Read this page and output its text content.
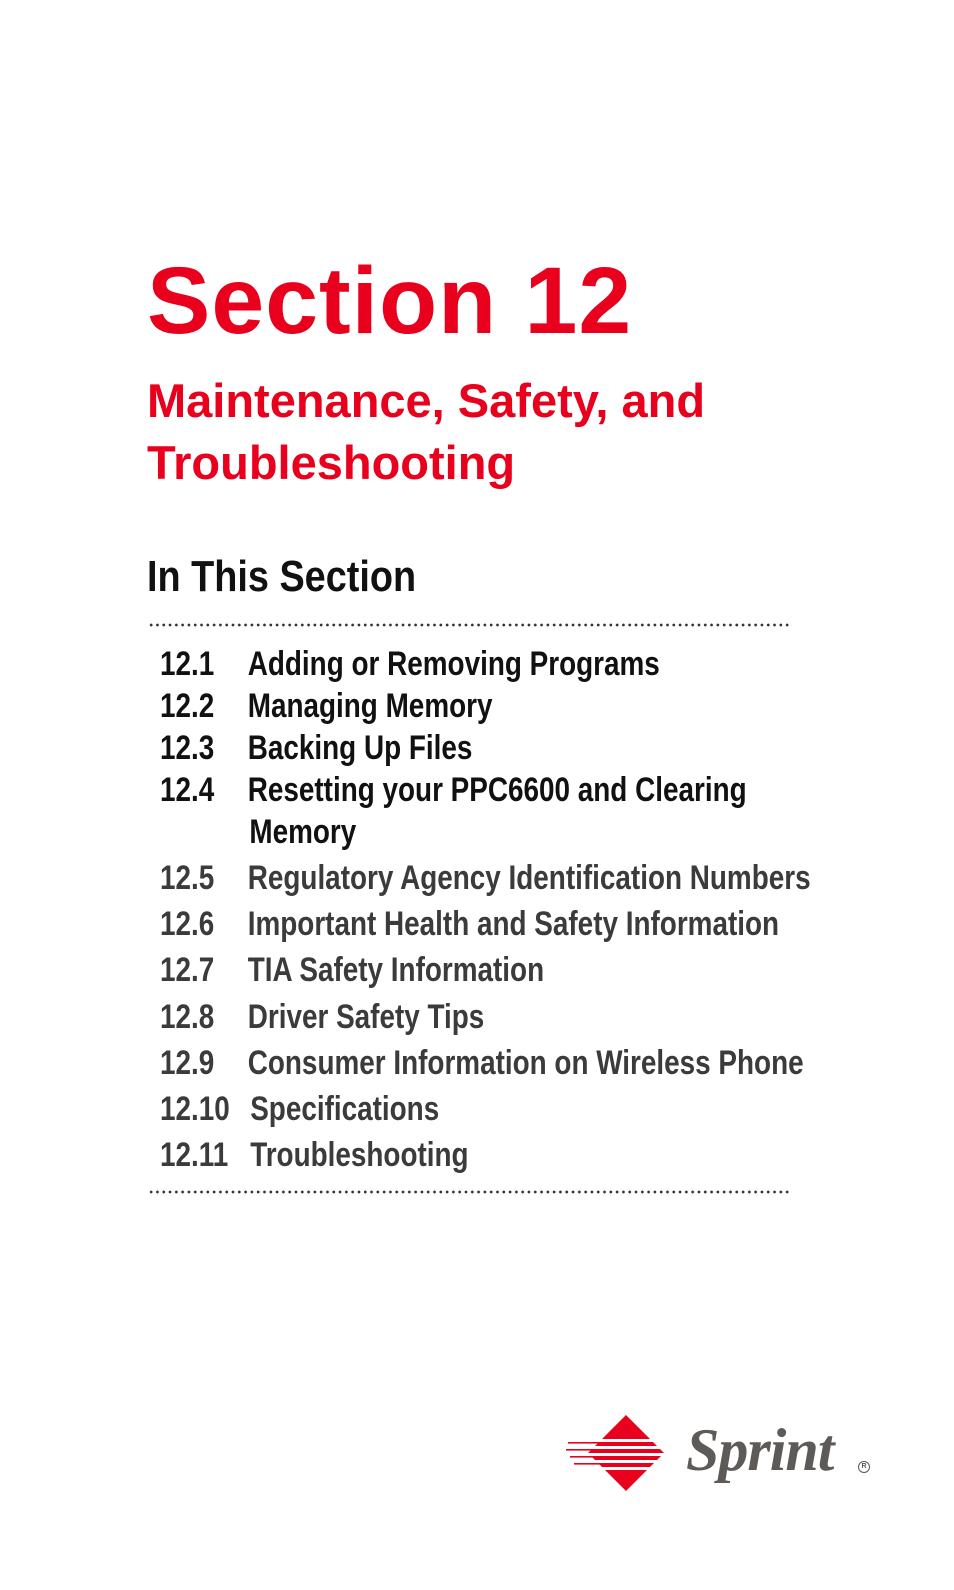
Section 12
Maintenance, Safety, and
Troubleshooting
In This Section
12.1 Adding or Removing Programs
12.2 Managing Memory
12.3 Backing Up Files
12.4 Resetting your PPC6600 and Clearing
Memory
12.5 Regulatory Agency Identification Numbers
12.6 Important Health and Safety Information
12.7 TIA Safety Information
12.8 Driver Safety Tips
12.9 Consumer Information on Wireless Phone
12.10 Specifications
12.11 Troubleshooting
Sprint	R
